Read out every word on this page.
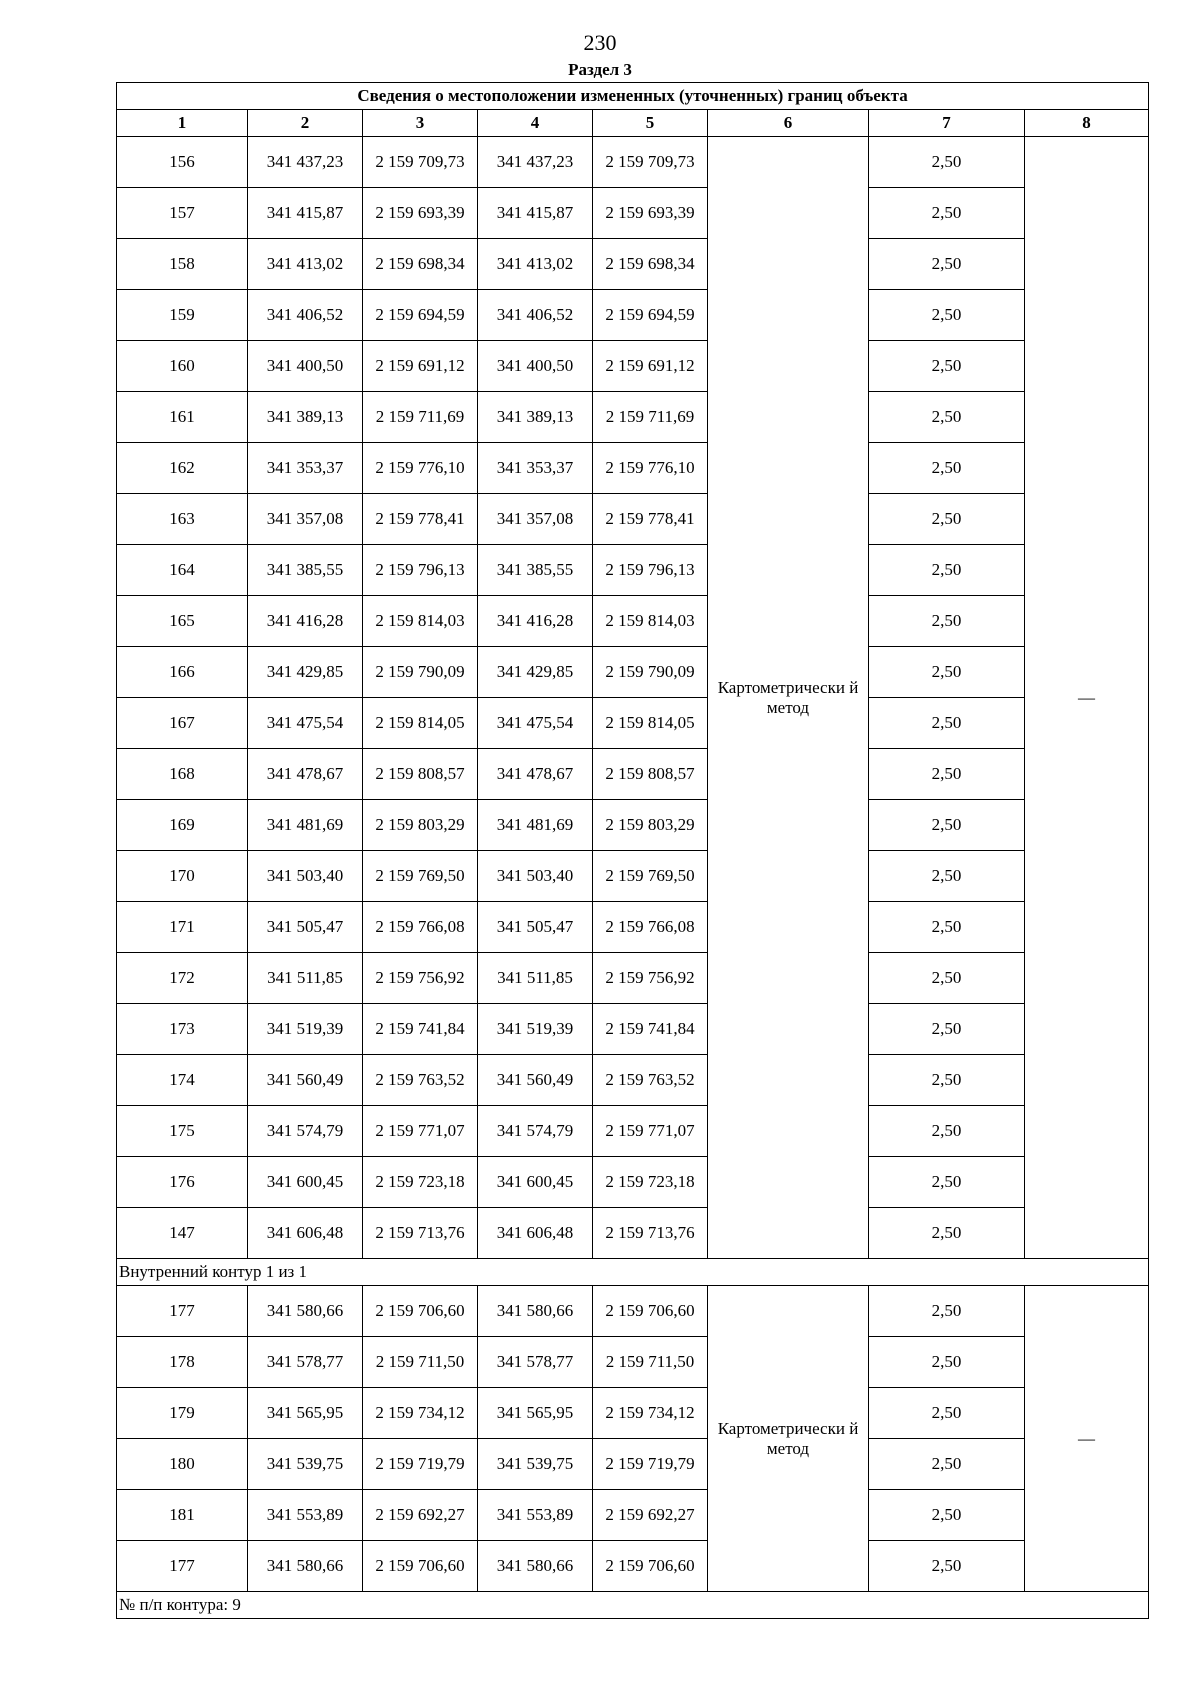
230
Раздел 3
Сведения о местоположении измененных (уточненных) границ объекта							
1	2	3	4	5	6	7	8
156	341 437,23	2 159 709,73	341 437,23	2 159 709,73	Картометрически й метод	2,50	—
157	341 415,87	2 159 693,39	341 415,87	2 159 693,39		2,50	
158	341 413,02	2 159 698,34	341 413,02	2 159 698,34		2,50	
159	341 406,52	2 159 694,59	341 406,52	2 159 694,59		2,50	
160	341 400,50	2 159 691,12	341 400,50	2 159 691,12		2,50	
161	341 389,13	2 159 711,69	341 389,13	2 159 711,69		2,50	
162	341 353,37	2 159 776,10	341 353,37	2 159 776,10		2,50	
163	341 357,08	2 159 778,41	341 357,08	2 159 778,41		2,50	
164	341 385,55	2 159 796,13	341 385,55	2 159 796,13		2,50	
165	341 416,28	2 159 814,03	341 416,28	2 159 814,03		2,50	
166	341 429,85	2 159 790,09	341 429,85	2 159 790,09		2,50	
167	341 475,54	2 159 814,05	341 475,54	2 159 814,05		2,50	
168	341 478,67	2 159 808,57	341 478,67	2 159 808,57		2,50	
169	341 481,69	2 159 803,29	341 481,69	2 159 803,29		2,50	
170	341 503,40	2 159 769,50	341 503,40	2 159 769,50		2,50	
171	341 505,47	2 159 766,08	341 505,47	2 159 766,08		2,50	
172	341 511,85	2 159 756,92	341 511,85	2 159 756,92		2,50	
173	341 519,39	2 159 741,84	341 519,39	2 159 741,84		2,50	
174	341 560,49	2 159 763,52	341 560,49	2 159 763,52		2,50	
175	341 574,79	2 159 771,07	341 574,79	2 159 771,07		2,50	
176	341 600,45	2 159 723,18	341 600,45	2 159 723,18		2,50	
147	341 606,48	2 159 713,76	341 606,48	2 159 713,76		2,50	
Внутренний контур 1 из 1							
177	341 580,66	2 159 706,60	341 580,66	2 159 706,60	Картометрически й метод	2,50	—
178	341 578,77	2 159 711,50	341 578,77	2 159 711,50		2,50	
179	341 565,95	2 159 734,12	341 565,95	2 159 734,12		2,50	
180	341 539,75	2 159 719,79	341 539,75	2 159 719,79		2,50	
181	341 553,89	2 159 692,27	341 553,89	2 159 692,27		2,50	
177	341 580,66	2 159 706,60	341 580,66	2 159 706,60		2,50	
№ п/п контура: 9							
